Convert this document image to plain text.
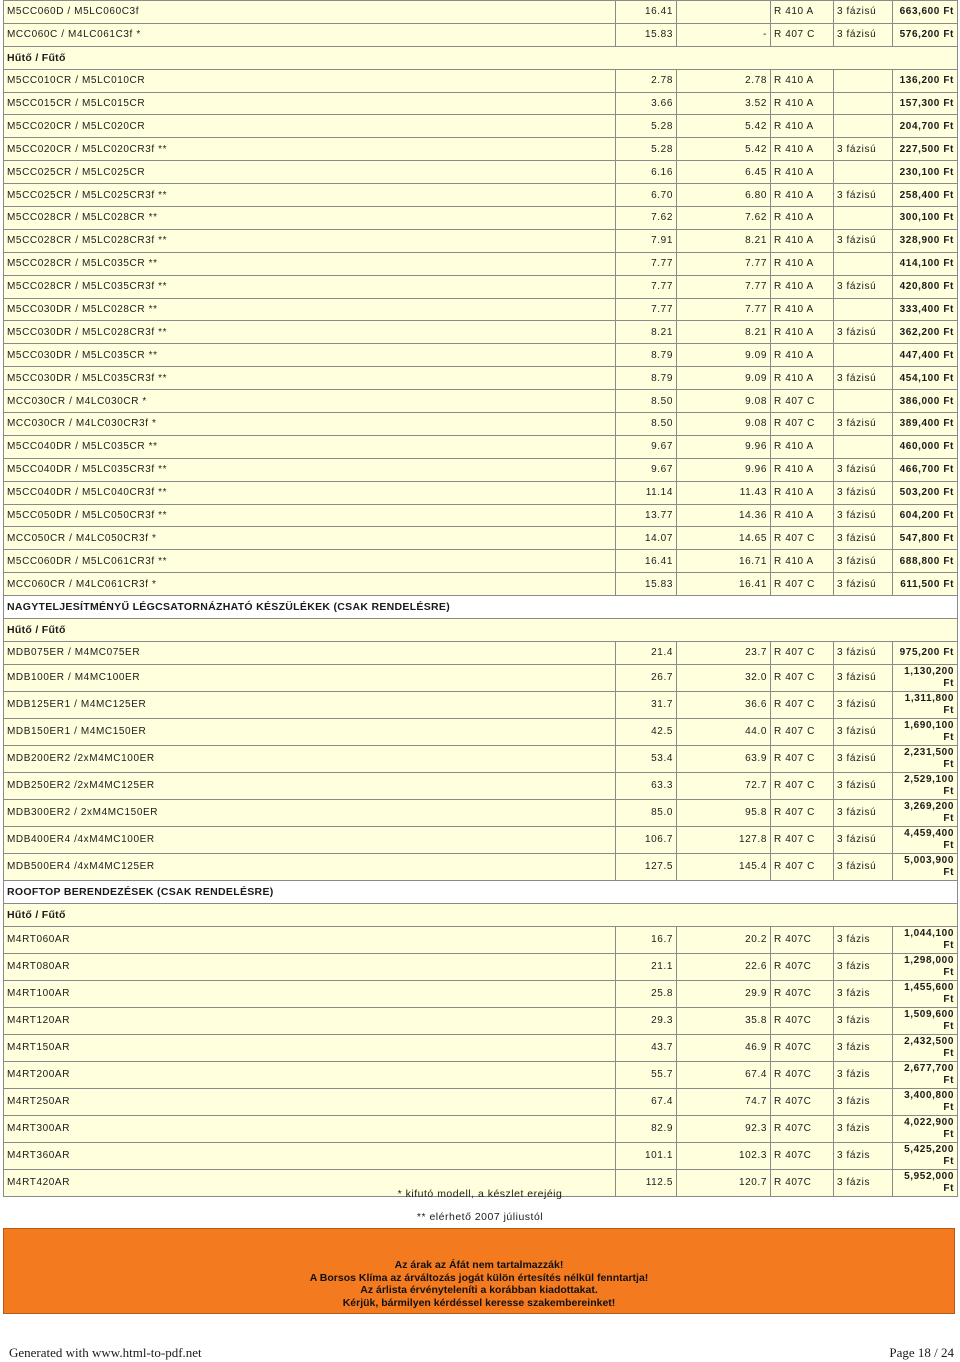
M5CC060D / M5LC060C3f	16.41		R 410 A	3 fázisú	663,600 Ft
MCC060C / M4LC061C3f *	15.83	-	R 407 C	3 fázisú	576,200 Ft
Hűtő / Fűtő					
M5CC010CR / M5LC010CR	2.78	2.78	R 410 A		136,200 Ft
M5CC015CR / M5LC015CR	3.66	3.52	R 410 A		157,300 Ft
M5CC020CR / M5LC020CR	5.28	5.42	R 410 A		204,700 Ft
M5CC020CR / M5LC020CR3f **	5.28	5.42	R 410 A	3 fázisú	227,500 Ft
M5CC025CR / M5LC025CR	6.16	6.45	R 410 A		230,100 Ft
M5CC025CR / M5LC025CR3f **	6.70	6.80	R 410 A	3 fázisú	258,400 Ft
M5CC028CR / M5LC028CR **	7.62	7.62	R 410 A		300,100 Ft
M5CC028CR / M5LC028CR3f **	7.91	8.21	R 410 A	3 fázisú	328,900 Ft
M5CC028CR / M5LC035CR **	7.77	7.77	R 410 A		414,100 Ft
M5CC028CR / M5LC035CR3f **	7.77	7.77	R 410 A	3 fázisú	420,800 Ft
M5CC030DR / M5LC028CR **	7.77	7.77	R 410 A		333,400 Ft
M5CC030DR / M5LC028CR3f **	8.21	8.21	R 410 A	3 fázisú	362,200 Ft
M5CC030DR / M5LC035CR **	8.79	9.09	R 410 A		447,400 Ft
M5CC030DR / M5LC035CR3f **	8.79	9.09	R 410 A	3 fázisú	454,100 Ft
MCC030CR / M4LC030CR *	8.50	9.08	R 407 C		386,000 Ft
MCC030CR / M4LC030CR3f *	8.50	9.08	R 407 C	3 fázisú	389,400 Ft
M5CC040DR / M5LC035CR **	9.67	9.96	R 410 A		460,000 Ft
M5CC040DR / M5LC035CR3f **	9.67	9.96	R 410 A	3 fázisú	466,700 Ft
M5CC040DR / M5LC040CR3f **	11.14	11.43	R 410 A	3 fázisú	503,200 Ft
M5CC050DR / M5LC050CR3f **	13.77	14.36	R 410 A	3 fázisú	604,200 Ft
MCC050CR / M4LC050CR3f *	14.07	14.65	R 407 C	3 fázisú	547,800 Ft
M5CC060DR / M5LC061CR3f **	16.41	16.71	R 410 A	3 fázisú	688,800 Ft
MCC060CR / M4LC061CR3f *	15.83	16.41	R 407 C	3 fázisú	611,500 Ft
NAGYTELJESÍTMÉNYŰ LÉGCSATORNÁZHATÓ KÉSZÜLÉKEK (CSAK RENDELÉSRE)					
Hűtő / Fűtő					
MDB075ER / M4MC075ER	21.4	23.7	R 407 C	3 fázisú	975,200 Ft
MDB100ER / M4MC100ER	26.7	32.0	R 407 C	3 fázisú	1,130,200 Ft
MDB125ER1 / M4MC125ER	31.7	36.6	R 407 C	3 fázisú	1,311,800 Ft
MDB150ER1 / M4MC150ER	42.5	44.0	R 407 C	3 fázisú	1,690,100 Ft
MDB200ER2 /2xM4MC100ER	53.4	63.9	R 407 C	3 fázisú	2,231,500 Ft
MDB250ER2 /2xM4MC125ER	63.3	72.7	R 407 C	3 fázisú	2,529,100 Ft
MDB300ER2 / 2xM4MC150ER	85.0	95.8	R 407 C	3 fázisú	3,269,200 Ft
MDB400ER4 /4xM4MC100ER	106.7	127.8	R 407 C	3 fázisú	4,459,400 Ft
MDB500ER4 /4xM4MC125ER	127.5	145.4	R 407 C	3 fázisú	5,003,900 Ft
ROOFTOP BERENDEZÉSEK (CSAK RENDELÉSRE)					
Hűtő / Fűtő					
M4RT060AR	16.7	20.2	R 407C	3 fázis	1,044,100 Ft
M4RT080AR	21.1	22.6	R 407C	3 fázis	1,298,000 Ft
M4RT100AR	25.8	29.9	R 407C	3 fázis	1,455,600 Ft
M4RT120AR	29.3	35.8	R 407C	3 fázis	1,509,600 Ft
M4RT150AR	43.7	46.9	R 407C	3 fázis	2,432,500 Ft
M4RT200AR	55.7	67.4	R 407C	3 fázis	2,677,700 Ft
M4RT250AR	67.4	74.7	R 407C	3 fázis	3,400,800 Ft
M4RT300AR	82.9	92.3	R 407C	3 fázis	4,022,900 Ft
M4RT360AR	101.1	102.3	R 407C	3 fázis	5,425,200 Ft
M4RT420AR	112.5	120.7	R 407C	3 fázis	5,952,000 Ft
* kifutó modell, a készlet erejéig
** elérhető 2007 júliustól
Az árak az Áfát nem tartalmazzák!
A Borsos Klíma az árváltozás jogát külön értesítés nélkül fenntartja!
Az árlista érvényteleníti a korábban kiadottakat.
Kérjük, bármilyen kérdéssel keresse szakembereinket!
Generated with www.html-to-pdf.net	Page 18 / 24
